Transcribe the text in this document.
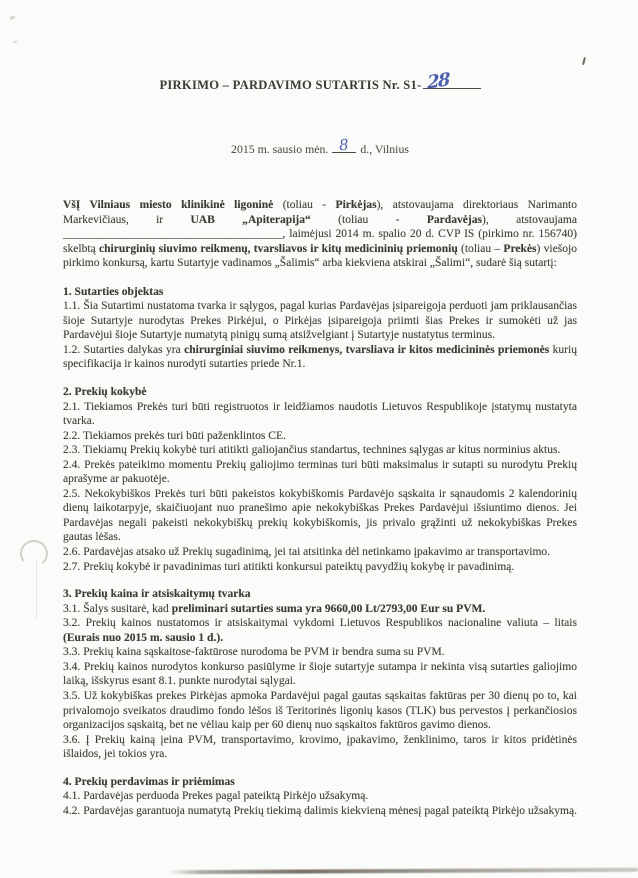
PIRKIMO – PARDAVIMO SUTARTIS Nr. S1- 28
2015 m. sausio mėn. 8 d., Vilnius

VšĮ Vilniaus miesto klinikinė ligoninė (toliau - Pirkėjas), atstovaujama direktoriaus Narimanto Markevičiaus, ir UAB „Apiterapija“ (toliau - Pardavėjas), atstovaujama ______________________________________, laimėjusi 2014 m. spalio 20 d. CVP IS (pirkimo nr. 156740) skelbtą chirurginių siuvimo reikmenų, tvarsliavos ir kitų medicininių priemonių (toliau – Prekės) viešojo pirkimo konkursą, kartu Sutartyje vadinamos „Šalimis“ arba kiekviena atskirai „Šalimi“, sudarė šią sutartį:

1. Sutarties objektas

1.1. Šia Sutartimi nustatoma tvarka ir sąlygos, pagal kurias Pardavėjas įsipareigoja perduoti jam priklausančias šioje Sutartyje nurodytas Prekes Pirkėjui, o Pirkėjas įsipareigoja priimti šias Prekes ir sumokėti už jas Pardavėjui šioje Sutartyje numatytą pinigų sumą atsižvelgiant į Sutartyje nustatytus terminus.

1.2. Sutarties dalykas yra chirurginiai siuvimo reikmenys, tvarsliava ir kitos medicininės priemonės kurių specifikacija ir kainos nurodyti sutarties priede Nr.1.

2. Prekių kokybė

2.1. Tiekiamos Prekės turi būti registruotos ir leidžiamos naudotis Lietuvos Respublikoje įstatymų nustatyta tvarka.

2.2. Tiekiamos prekės turi būti paženklintos CE.

2.3. Tiekiamų Prekių kokybė turi atitikti galiojančius standartus, technines sąlygas ar kitus norminius aktus.

2.4. Prekės pateikimo momentu Prekių galiojimo terminas turi būti maksimalus ir sutapti su nurodytu Prekių aprašyme ar pakuotėje.

2.5. Nekokybiškos Prekės turi būti pakeistos kokybiškomis Pardavėjo sąskaita ir sąnaudomis 2 kalendorinių dienų laikotarpyje, skaičiuojant nuo pranešimo apie nekokybiškas Prekes Pardavėjui išsiuntimo dienos. Jei Pardavėjas negali pakeisti nekokybiškų prekių kokybiškomis, jis privalo grąžinti už nekokybiškas Prekes gautas lėšas.

2.6. Pardavėjas atsako už Prekių sugadinimą, jei tai atsitinka dėl netinkamo įpakavimo ar transportavimo.

2.7. Prekių kokybė ir pavadinimas turi atitikti konkursui pateiktų pavydžių kokybę ir pavadinimą.

3. Prekių kaina ir atsiskaitymų tvarka

3.1. Šalys susitarė, kad preliminari sutarties suma yra 9660,00 Lt/2793,00 Eur su PVM.

3.2. Prekių kainos nustatomos ir atsiskaitymai vykdomi Lietuvos Respublikos nacionaline valiuta – litais (Eurais nuo 2015 m. sausio 1 d.).

3.3. Prekių kaina sąskaitose-faktūrose nurodoma be PVM ir bendra suma su PVM.

3.4. Prekių kainos nurodytos konkurso pasiūlyme ir šioje sutartyje sutampa ir nekinta visą sutarties galiojimo laiką, išskyrus esant 8.1. punkte nurodytai sąlygai.

3.5. Už kokybiškas prekes Pirkėjas apmoka Pardavėjui pagal gautas sąskaitas faktūras per 30 dienų po to, kai privalomojo sveikatos draudimo fondo lėšos iš Teritorinės ligonių kasos (TLK) bus pervestos į perkančiosios organizacijos sąskaitą, bet ne vėliau kaip per 60 dienų nuo sąskaitos faktūros gavimo dienos.

3.6. Į Prekių kainą įeina PVM, transportavimo, krovimo, įpakavimo, ženklinimo, taros ir kitos pridėtinės išlaidos, jei tokios yra.

4. Prekių perdavimas ir priėmimas

4.1. Pardavėjas perduoda Prekes pagal pateiktą Pirkėjo užsakymą.

4.2. Pardavėjas garantuoja numatytą Prekių tiekimą dalimis kiekvieną mėnesį pagal pateiktą Pirkėjo užsakymą.
